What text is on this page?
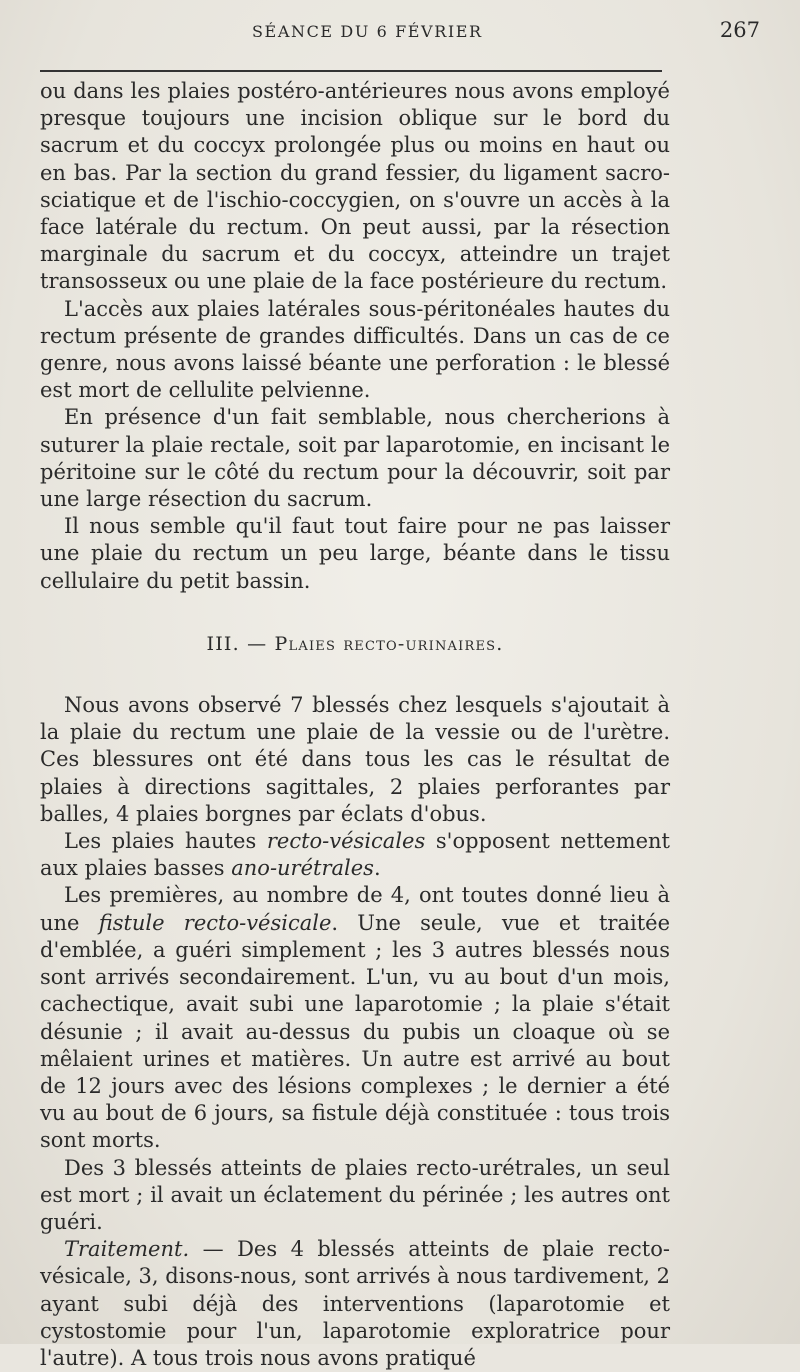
SÉANCE DU 6 FÉVRIER	267

ou dans les plaies postéro-antérieures nous avons employé presque toujours une incision oblique sur le bord du sacrum et du coccyx prolongée plus ou moins en haut ou en bas. Par la section du grand fessier, du ligament sacro-sciatique et de l'ischio-coccygien, on s'ouvre un accès à la face latérale du rectum. On peut aussi, par la résection marginale du sacrum et du coccyx, atteindre un trajet transosseux ou une plaie de la face postérieure du rectum.

L'accès aux plaies latérales sous-péritonéales hautes du rectum présente de grandes difficultés. Dans un cas de ce genre, nous avons laissé béante une perforation : le blessé est mort de cellulite pelvienne.

En présence d'un fait semblable, nous chercherions à suturer la plaie rectale, soit par laparotomie, en incisant le péritoine sur le côté du rectum pour la découvrir, soit par une large résection du sacrum.

Il nous semble qu'il faut tout faire pour ne pas laisser une plaie du rectum un peu large, béante dans le tissu cellulaire du petit bassin.

III. — Plaies recto-urinaires.

Nous avons observé 7 blessés chez lesquels s'ajoutait à la plaie du rectum une plaie de la vessie ou de l'urètre. Ces blessures ont été dans tous les cas le résultat de plaies à directions sagittales, 2 plaies perforantes par balles, 4 plaies borgnes par éclats d'obus.

Les plaies hautes recto-vésicales s'opposent nettement aux plaies basses ano-urétrales.

Les premières, au nombre de 4, ont toutes donné lieu à une fistule recto-vésicale. Une seule, vue et traitée d'emblée, a guéri simplement ; les 3 autres blessés nous sont arrivés secondairement. L'un, vu au bout d'un mois, cachectique, avait subi une laparotomie ; la plaie s'était désunie ; il avait au-dessus du pubis un cloaque où se mêlaient urines et matières. Un autre est arrivé au bout de 12 jours avec des lésions complexes ; le dernier a été vu au bout de 6 jours, sa fistule déjà constituée : tous trois sont morts.

Des 3 blessés atteints de plaies recto-urétrales, un seul est mort ; il avait un éclatement du périnée ; les autres ont guéri.

Traitement. — Des 4 blessés atteints de plaie recto-vésicale, 3, disons-nous, sont arrivés à nous tardivement, 2 ayant subi déjà des interventions (laparotomie et cystostomie pour l'un, laparotomie exploratrice pour l'autre). A tous trois nous avons pratiqué
